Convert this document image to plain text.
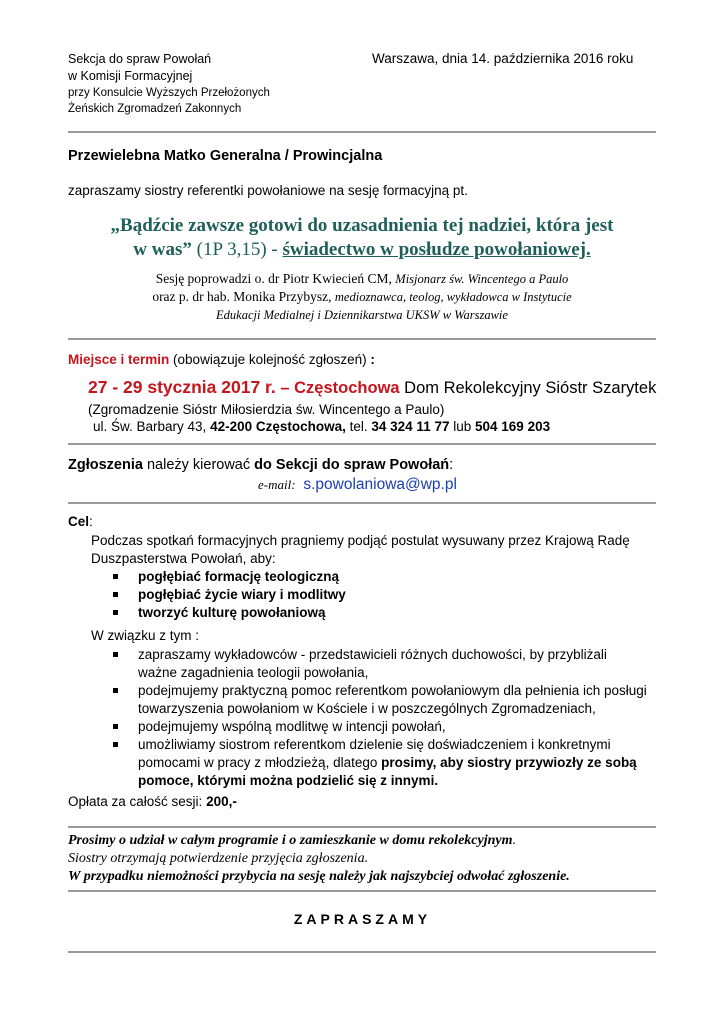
Sekcja do spraw Powołań
w Komisji Formacyjnej
przy Konsulcie Wyższych Przełożonych
Żeńskich Zgromadzeń Zakonnych
Warszawa, dnia 14. października 2016 roku
Przewielebna Matko Generalna / Prowincjalna
zapraszamy siostry referentki powołaniowe na sesję formacyjną pt.
„Bądźcie zawsze gotowi do uzasadnienia tej nadziei, która jest
w was” (1P 3,15) - świadectwo w posłudze powołaniowej.
Sesję poprowadzi o. dr Piotr Kwiecień CM, Misjonarz św. Wincentego a Paulo
oraz p. dr hab. Monika Przybysz, medioznawca, teolog, wykładowca w Instytucie
Edukacji Medialnej i Dziennikarstwa UKSW w Warszawie
Miejsce i termin (obowiązuje kolejność zgłoszeń) :
27 - 29 stycznia 2017 r. – Częstochowa Dom Rekolekcyjny Sióstr Szarytek
(Zgromadzenie Sióstr Miłosierdzia św. Wincentego a Paulo)
ul. Św. Barbary 43, 42-200 Częstochowa, tel. 34 324 11 77 lub 504 169 203
Zgłoszenia należy kierować do Sekcji do spraw Powołań:
e-mail: s.powolaniowa@wp.pl
Cel:
Podczas spotkań formacyjnych pragniemy podjąć postulat wysuwany przez Krajową Radę
Duszpasterstwa Powołań, aby:
pogłębiać formację teologiczną
pogłębiać życie wiary i modlitwy
tworzyć kulturę powołaniową
W związku z tym :
zapraszamy wykładowców - przedstawicieli różnych duchowości, by przybliżali
ważne zagadnienia teologii powołania,
podejmujemy praktyczną pomoc referentkom powołaniowym dla pełnienia ich posługi
towarzyszenia powołaniom w Kościele i w poszczególnych Zgromadzeniach,
podejmujemy wspólną modlitwę w intencji powołań,
umożliwiamy siostrom referentkom dzielenie się doświadczeniem i konkretnymi
pomocami w pracy z młodzieżą, dlatego prosimy, aby siostry przywiozły ze sobą
pomoce, którymi można podzielić się z innymi.
Opłata za całość sesji: 200,-
Prosimy o udział w całym programie i o zamieszkanie w domu rekolekcyjnym.
Siostry otrzymają potwierdzenie przyjęcia zgłoszenia.
W przypadku niemożności przybycia na sesję należy jak najszybciej odwołać zgłoszenie.
ZAPRASZAMY
